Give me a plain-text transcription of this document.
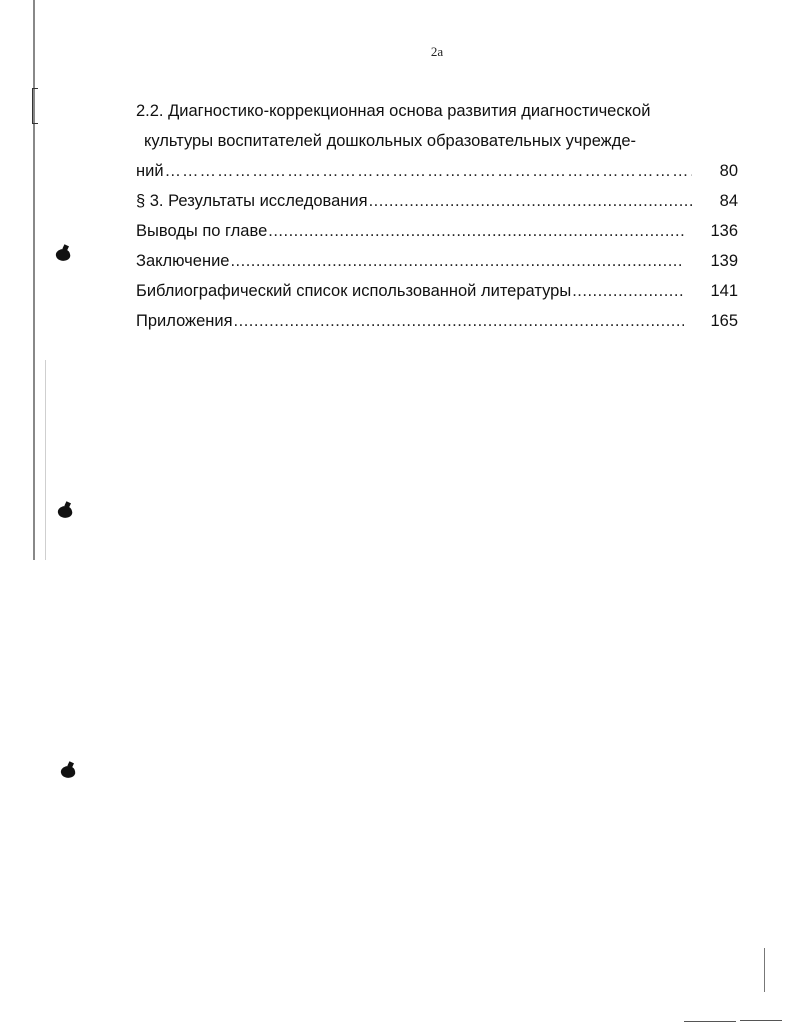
2а
2.2. Диагностико-коррекционная основа развития диагностической
культуры воспитателей дошкольных образовательных учрежде-
ний …………………………………………………………………………………………………………………	80
§ 3. Результаты исследования .....	84
Выводы по главе .....	136
Заключение .....	139
Библиографический список использованной литературы .....	141
Приложения .....	165
